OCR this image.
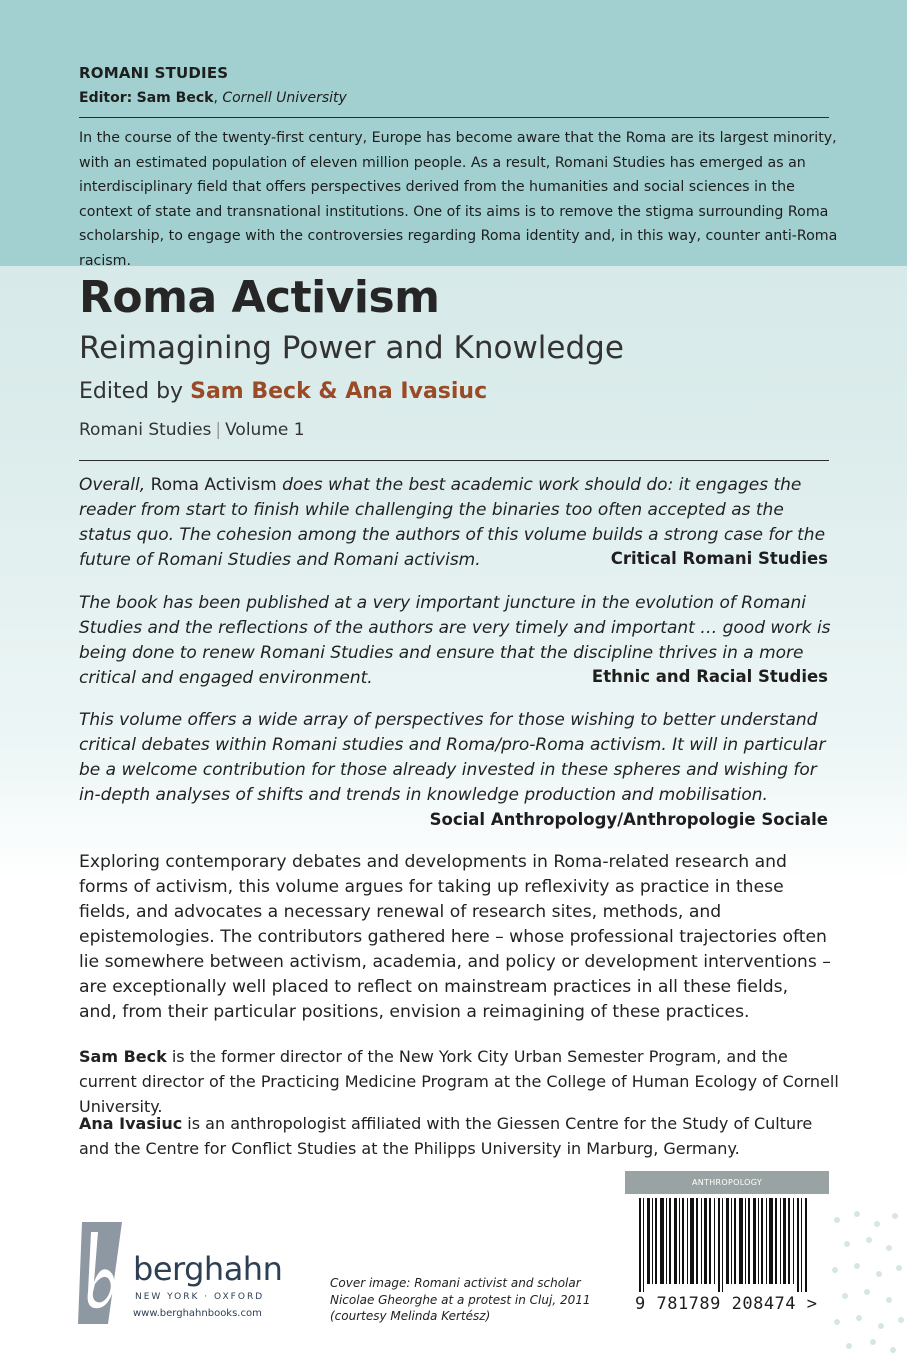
ROMANI STUDIES
Editor: Sam Beck, Cornell University

In the course of the twenty-first century, Europe has become aware that the Roma are its largest minority, with an estimated population of eleven million people. As a result, Romani Studies has emerged as an interdisciplinary field that offers perspectives derived from the humanities and social sciences in the context of state and transnational institutions. One of its aims is to remove the stigma surrounding Roma scholarship, to engage with the controversies regarding Roma identity and, in this way, counter anti-Roma racism.

Roma Activism
Reimagining Power and Knowledge
Edited by Sam Beck & Ana Ivasiuc
Romani Studies | Volume 1

Overall, Roma Activism does what the best academic work should do: it engages the reader from start to finish while challenging the binaries too often accepted as the status quo. The cohesion among the authors of this volume builds a strong case for the future of Romani Studies and Romani activism.	Critical Romani Studies

The book has been published at a very important juncture in the evolution of Romani Studies and the reflections of the authors are very timely and important … good work is being done to renew Romani Studies and ensure that the discipline thrives in a more critical and engaged environment.	Ethnic and Racial Studies

This volume offers a wide array of perspectives for those wishing to better understand critical debates within Romani studies and Roma/pro-Roma activism. It will in particular be a welcome contribution for those already invested in these spheres and wishing for in-depth analyses of shifts and trends in knowledge production and mobilisation.

Social Anthropology/Anthropologie Sociale

Exploring contemporary debates and developments in Roma-related research and forms of activism, this volume argues for taking up reflexivity as practice in these fields, and advocates a necessary renewal of research sites, methods, and epistemologies. The contributors gathered here – whose professional trajectories often lie somewhere between activism, academia, and policy or development interventions – are exceptionally well placed to reflect on mainstream practices in all these fields, and, from their particular positions, envision a reimagining of these practices.

Sam Beck is the former director of the New York City Urban Semester Program, and the current director of the Practicing Medicine Program at the College of Human Ecology of Cornell University.

Ana Ivasiuc is an anthropologist affiliated with the Giessen Centre for the Study of Culture and the Centre for Conflict Studies at the Philipps University in Marburg, Germany.

berghahn
NEW YORK · OXFORD
www.berghahnbooks.com

Cover image: Romani activist and scholar
Nicolae Gheorghe at a protest in Cluj, 2011
(courtesy Melinda Kertész)

ANTHROPOLOGY
9 781789 208474 >
